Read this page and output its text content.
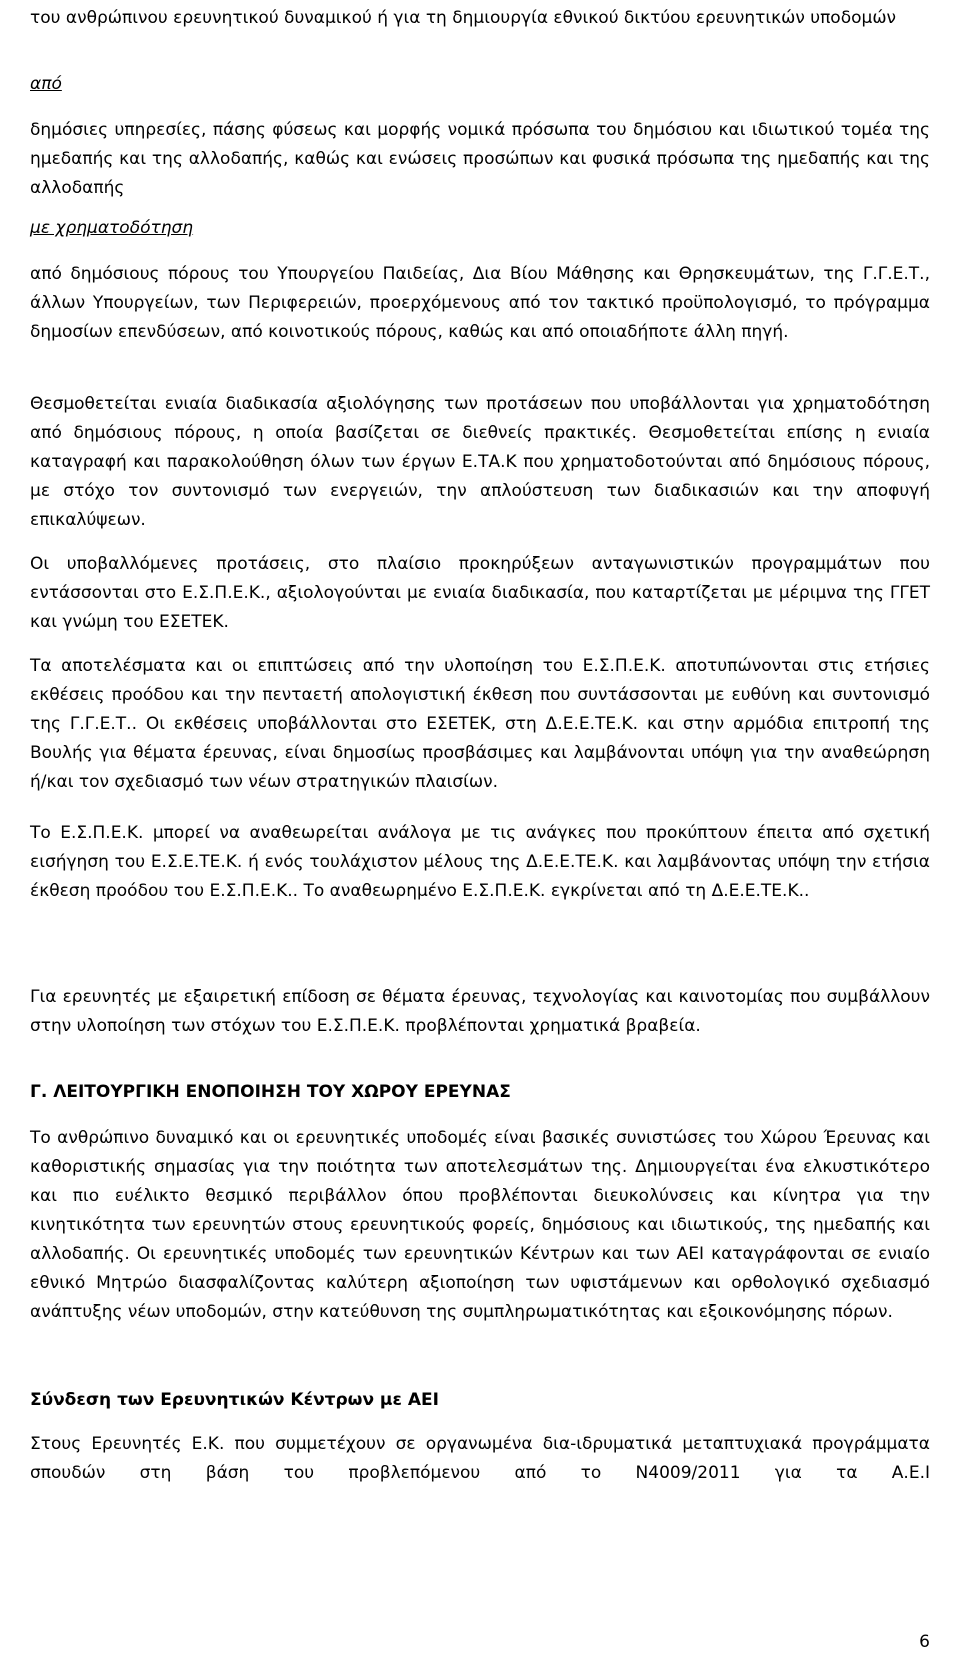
του ανθρώπινου ερευνητικού δυναμικού ή για τη δημιουργία εθνικού δικτύου ερευνητικών υποδομών

από

δημόσιες υπηρεσίες, πάσης φύσεως και μορφής νομικά πρόσωπα του δημόσιου και ιδιωτικού τομέα της ημεδαπής και της αλλοδαπής, καθώς και ενώσεις προσώπων και φυσικά πρόσωπα της ημεδαπής και της αλλοδαπής

με χρηματοδότηση

από δημόσιους πόρους του Υπουργείου Παιδείας, Δια Βίου Μάθησης και Θρησκευμάτων, της Γ.Γ.Ε.Τ., άλλων Υπουργείων, των Περιφερειών, προερχόμενους από τον τακτικό προϋπολογισμό, το πρόγραμμα δημοσίων επενδύσεων, από κοινοτικούς πόρους, καθώς και από οποιαδήποτε άλλη πηγή.

Θεσμοθετείται ενιαία διαδικασία αξιολόγησης των προτάσεων που υποβάλλονται για χρηματοδότηση από δημόσιους πόρους, η οποία βασίζεται σε διεθνείς πρακτικές. Θεσμοθετείται επίσης η ενιαία καταγραφή και παρακολούθηση όλων των έργων Ε.ΤΑ.Κ που χρηματοδοτούνται από δημόσιους πόρους, με στόχο τον συντονισμό των ενεργειών, την απλούστευση των διαδικασιών και την αποφυγή επικαλύψεων.

Οι υποβαλλόμενες προτάσεις, στο πλαίσιο προκηρύξεων ανταγωνιστικών προγραμμάτων που εντάσσονται στο Ε.Σ.Π.Ε.Κ., αξιολογούνται με ενιαία διαδικασία, που καταρτίζεται με μέριμνα της ΓΓΕΤ και γνώμη του ΕΣΕΤΕΚ.

Τα αποτελέσματα και οι επιπτώσεις από την υλοποίηση του Ε.Σ.Π.Ε.Κ. αποτυπώνονται στις ετήσιες εκθέσεις προόδου και την πενταετή απολογιστική έκθεση που συντάσσονται με ευθύνη και συντονισμό της Γ.Γ.Ε.Τ.. Οι εκθέσεις υποβάλλονται στο ΕΣΕΤΕΚ, στη Δ.Ε.Ε.ΤΕ.Κ. και στην αρμόδια επιτροπή της Βουλής για θέματα έρευνας, είναι δημοσίως προσβάσιμες και λαμβάνονται υπόψη για την αναθεώρηση ή/και τον σχεδιασμό των νέων στρατηγικών πλαισίων.

Το Ε.Σ.Π.Ε.Κ. μπορεί να αναθεωρείται ανάλογα με τις ανάγκες που προκύπτουν έπειτα από σχετική εισήγηση του Ε.Σ.Ε.ΤΕ.Κ. ή ενός τουλάχιστον μέλους της Δ.Ε.Ε.ΤΕ.Κ. και λαμβάνοντας υπόψη την ετήσια έκθεση προόδου του Ε.Σ.Π.Ε.Κ.. Το αναθεωρημένο Ε.Σ.Π.Ε.Κ. εγκρίνεται από τη Δ.Ε.Ε.ΤΕ.Κ..

Για ερευνητές με εξαιρετική επίδοση σε θέματα έρευνας, τεχνολογίας και καινοτομίας που συμβάλλουν στην υλοποίηση των στόχων του Ε.Σ.Π.Ε.Κ. προβλέπονται χρηματικά βραβεία.

Γ. ΛΕΙΤΟΥΡΓΙΚΗ ΕΝΟΠΟΙΗΣΗ ΤΟΥ ΧΩΡΟΥ ΕΡΕΥΝΑΣ

Το ανθρώπινο δυναμικό και οι ερευνητικές υποδομές είναι βασικές συνιστώσες του Χώρου Έρευνας και καθοριστικής σημασίας για την ποιότητα των αποτελεσμάτων της. Δημιουργείται ένα ελκυστικότερο και πιο ευέλικτο θεσμικό περιβάλλον όπου προβλέπονται διευκολύνσεις και κίνητρα για την κινητικότητα των ερευνητών στους ερευνητικούς φορείς, δημόσιους και ιδιωτικούς, της ημεδαπής και αλλοδαπής. Οι ερευνητικές υποδομές των ερευνητικών Κέντρων και των ΑΕΙ καταγράφονται σε ενιαίο εθνικό Μητρώο διασφαλίζοντας καλύτερη αξιοποίηση των υφιστάμενων και ορθολογικό σχεδιασμό ανάπτυξης νέων υποδομών, στην κατεύθυνση της συμπληρωματικότητας και εξοικονόμησης πόρων.

Σύνδεση των Ερευνητικών Κέντρων με ΑΕΙ

Στους Ερευνητές Ε.Κ. που συμμετέχουν σε οργανωμένα δια-ιδρυματικά μεταπτυχιακά προγράμματα σπουδών στη βάση του προβλεπόμενου από το Ν4009/2011 για τα Α.Ε.Ι

6
